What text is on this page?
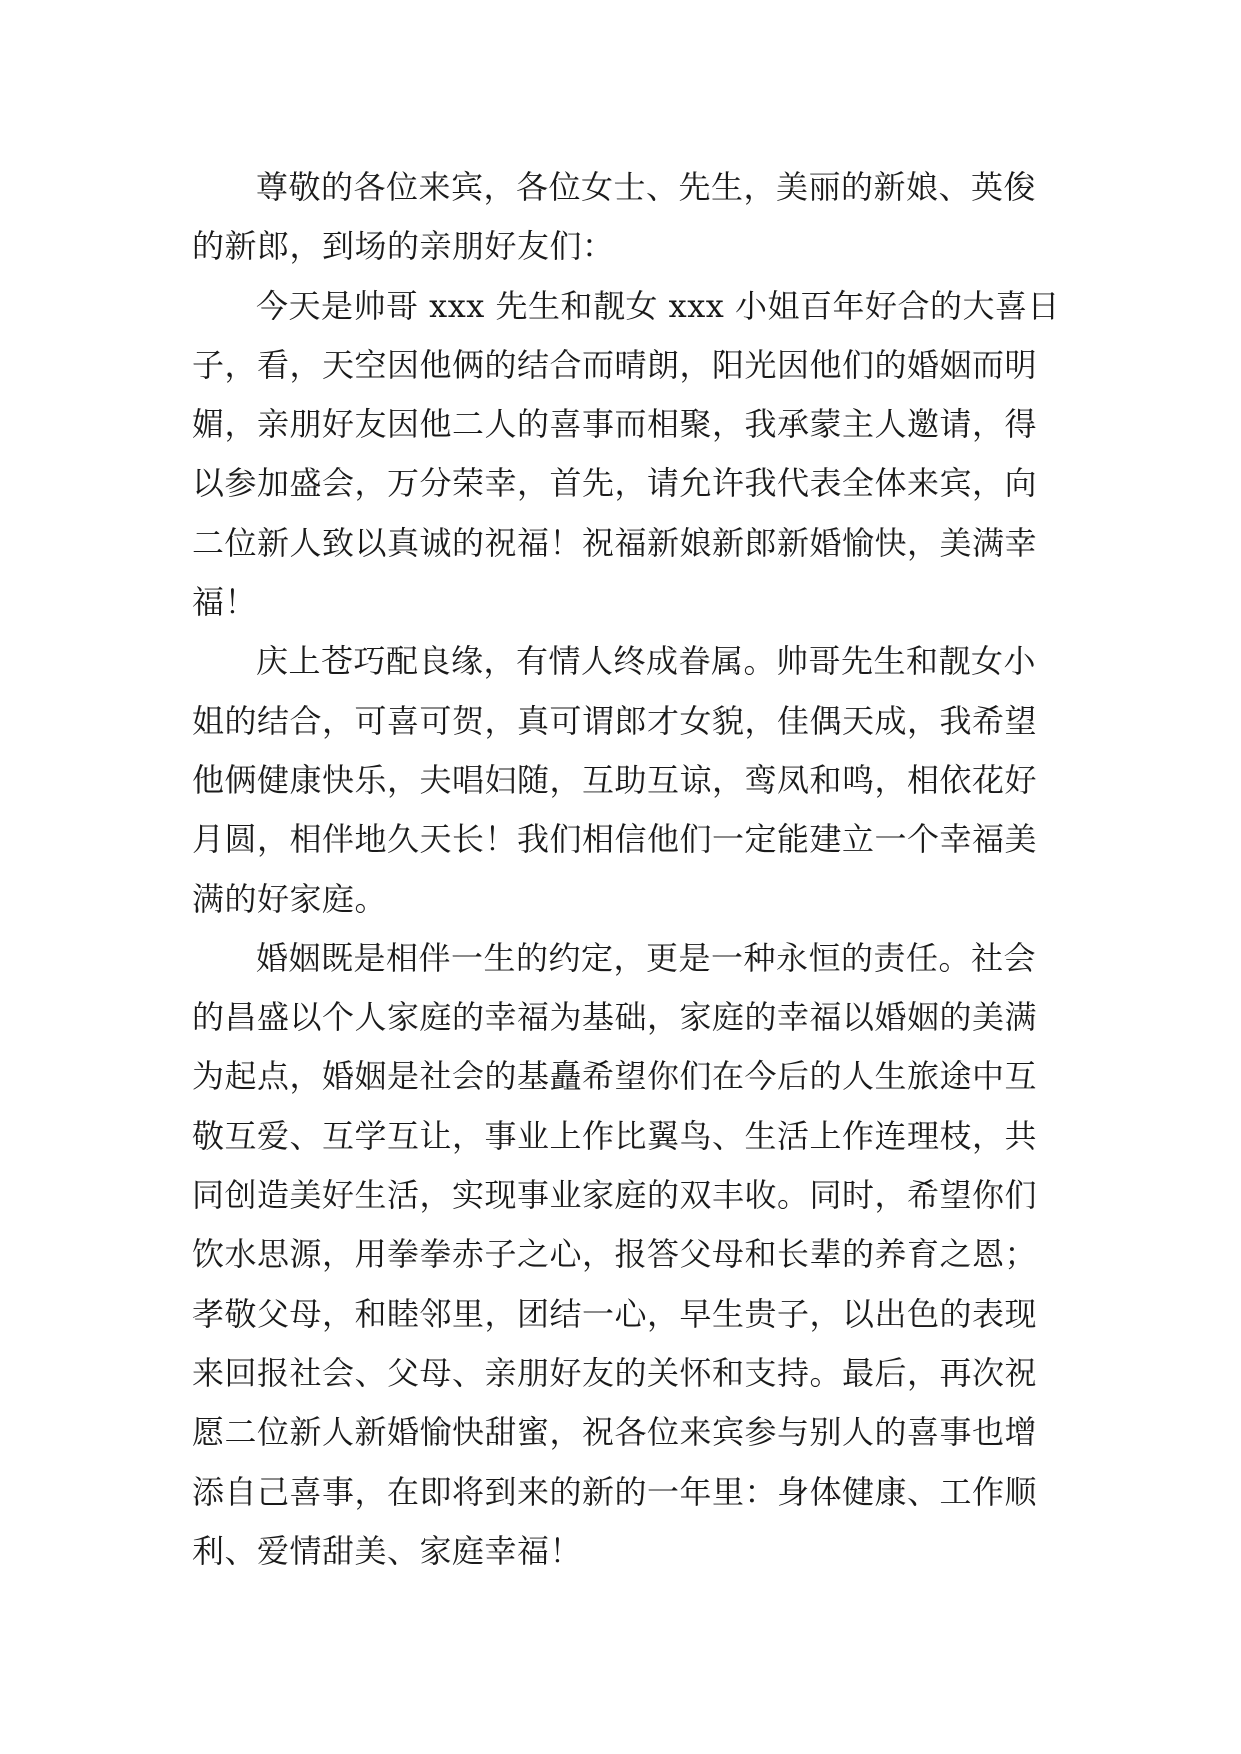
尊敬的各位来宾，各位女士、先生，美丽的新娘、英俊
的新郎，到场的亲朋好友们：
今天是帅哥 xxx 先生和靓女 xxx 小姐百年好合的大喜日
子，看，天空因他俩的结合而晴朗，阳光因他们的婚姻而明
媚，亲朋好友因他二人的喜事而相聚，我承蒙主人邀请，得
以参加盛会，万分荣幸，首先，请允许我代表全体来宾，向
二位新人致以真诚的祝福！祝福新娘新郎新婚愉快，美满幸
福！
庆上苍巧配良缘，有情人终成眷属。帅哥先生和靓女小
姐的结合，可喜可贺，真可谓郎才女貌，佳偶天成，我希望
他俩健康快乐，夫唱妇随，互助互谅，鸾凤和鸣，相依花好
月圆，相伴地久天长！我们相信他们一定能建立一个幸福美
满的好家庭。
婚姻既是相伴一生的约定，更是一种永恒的责任。社会
的昌盛以个人家庭的幸福为基础，家庭的幸福以婚姻的美满
为起点，婚姻是社会的基矗希望你们在今后的人生旅途中互
敬互爱、互学互让，事业上作比翼鸟、生活上作连理枝，共
同创造美好生活，实现事业家庭的双丰收。同时，希望你们
饮水思源，用拳拳赤子之心，报答父母和长辈的养育之恩；
孝敬父母，和睦邻里，团结一心，早生贵子，以出色的表现
来回报社会、父母、亲朋好友的关怀和支持。最后，再次祝
愿二位新人新婚愉快甜蜜，祝各位来宾参与别人的喜事也增
添自己喜事，在即将到来的新的一年里：身体健康、工作顺
利、爱情甜美、家庭幸福！
